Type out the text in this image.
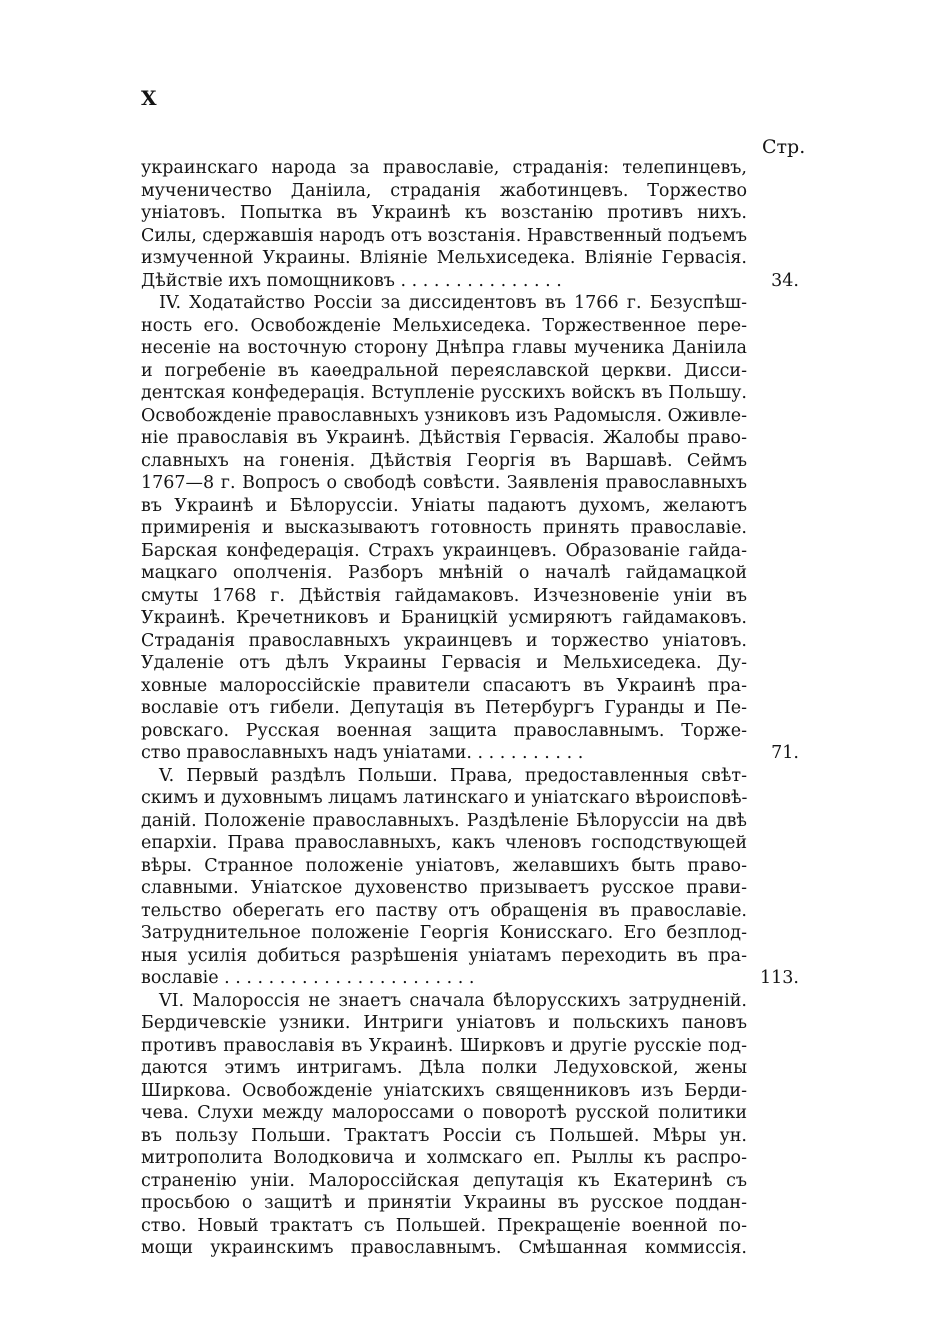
X
Стр.
украинскаго народа за православіе, страданія: телепинцевъ,
мученичество Даніила, страданія жаботинцевъ. Торжество
уніатовъ. Попытка въ Украинѣ къ возстанію противъ нихъ.
Силы, сдержавшія народъ отъ возстанія. Нравственный подъемъ
измученной Украины. Вліяніе Мельхиседека. Вліяніе Гервасія.
Дѣйствіе ихъ помощниковъ . . . . . . . . . . . . . . .	34.
IV. Ходатайство Россіи за диссидентовъ въ 1766 г. Безуспѣш-
ность его. Освобожденіе Мельхиседека. Торжественное пере-
несеніе на восточную сторону Днѣпра главы мученика Даніила
и погребеніе въ каѳедральной переяславской церкви. Дисси-
дентская конфедерація. Вступленіе русскихъ войскъ въ Польшу.
Освобожденіе православныхъ узниковъ изъ Радомысля. Оживле-
ніе православія въ Украинѣ. Дѣйствія Гервасія. Жалобы право-
славныхъ на гоненія. Дѣйствія Георгія въ Варшавѣ. Сеймъ
1767—8 г. Вопросъ о свободѣ совѣсти. Заявленія православныхъ
въ Украинѣ и Бѣлоруссіи. Уніаты падаютъ духомъ, желаютъ
примиренія и высказываютъ готовность принять православіе.
Барская конфедерація. Страхъ украинцевъ. Образованіе гайда-
мацкаго ополченія. Разборъ мнѣній о началѣ гайдамацкой
смуты 1768 г. Дѣйствія гайдамаковъ. Изчезновеніе уніи въ
Украинѣ. Кречетниковъ и Браницкій усмиряютъ гайдамаковъ.
Страданія православныхъ украинцевъ и торжество уніатовъ.
Удаленіе отъ дѣлъ Украины Гервасія и Мельхиседека. Ду-
ховные малороссійскіе правители спасаютъ въ Украинѣ пра-
вославіе отъ гибели. Депутація въ Петербургъ Гуранды и Пе-
ровскаго. Русская военная защита православнымъ. Торже-
ство православныхъ надъ уніатами. . . . . . . . . . .	71.
V. Первый раздѣлъ Польши. Права, предоставленныя свѣт-
скимъ и духовнымъ лицамъ латинскаго и уніатскаго вѣроисповѣ-
даній. Положеніе православныхъ. Раздѣленіе Бѣлоруссіи на двѣ
епархіи. Права православныхъ, какъ членовъ господствующей
вѣры. Странное положеніе уніатовъ, желавшихъ быть право-
славными. Уніатское духовенство призываетъ русское прави-
тельство оберегать его паству отъ обращенія въ православіе.
Затруднительное положеніе Георгія Конисскаго. Его безплод-
ныя усилія добиться разрѣшенія уніатамъ переходить въ пра-
вославіе . . . . . . . . . . . . . . . . . . . . . . .	113.
VI. Малороссія не знаетъ сначала бѣлорусскихъ затрудненій.
Бердичевскіе узники. Интриги уніатовъ и польскихъ пановъ
противъ православія въ Украинѣ. Ширковъ и другіе русскіе под-
даются этимъ интригамъ. Дѣла полки Ледуховской, жены
Ширкова. Освобожденіе уніатскихъ священниковъ изъ Берди-
чева. Слухи между малороссами о поворотѣ русской политики
въ пользу Польши. Трактатъ Россіи съ Польшей. Мѣры ун.
митрополита Володковича и холмскаго еп. Рыллы къ распро-
страненію уніи. Малороссійская депутація къ Екатеринѣ съ
просьбою о защитѣ и принятіи Украины въ русское поддан-
ство. Новый трактатъ съ Польшей. Прекращеніе военной по-
мощи украинскимъ православнымъ. Смѣшанная коммиссія.
